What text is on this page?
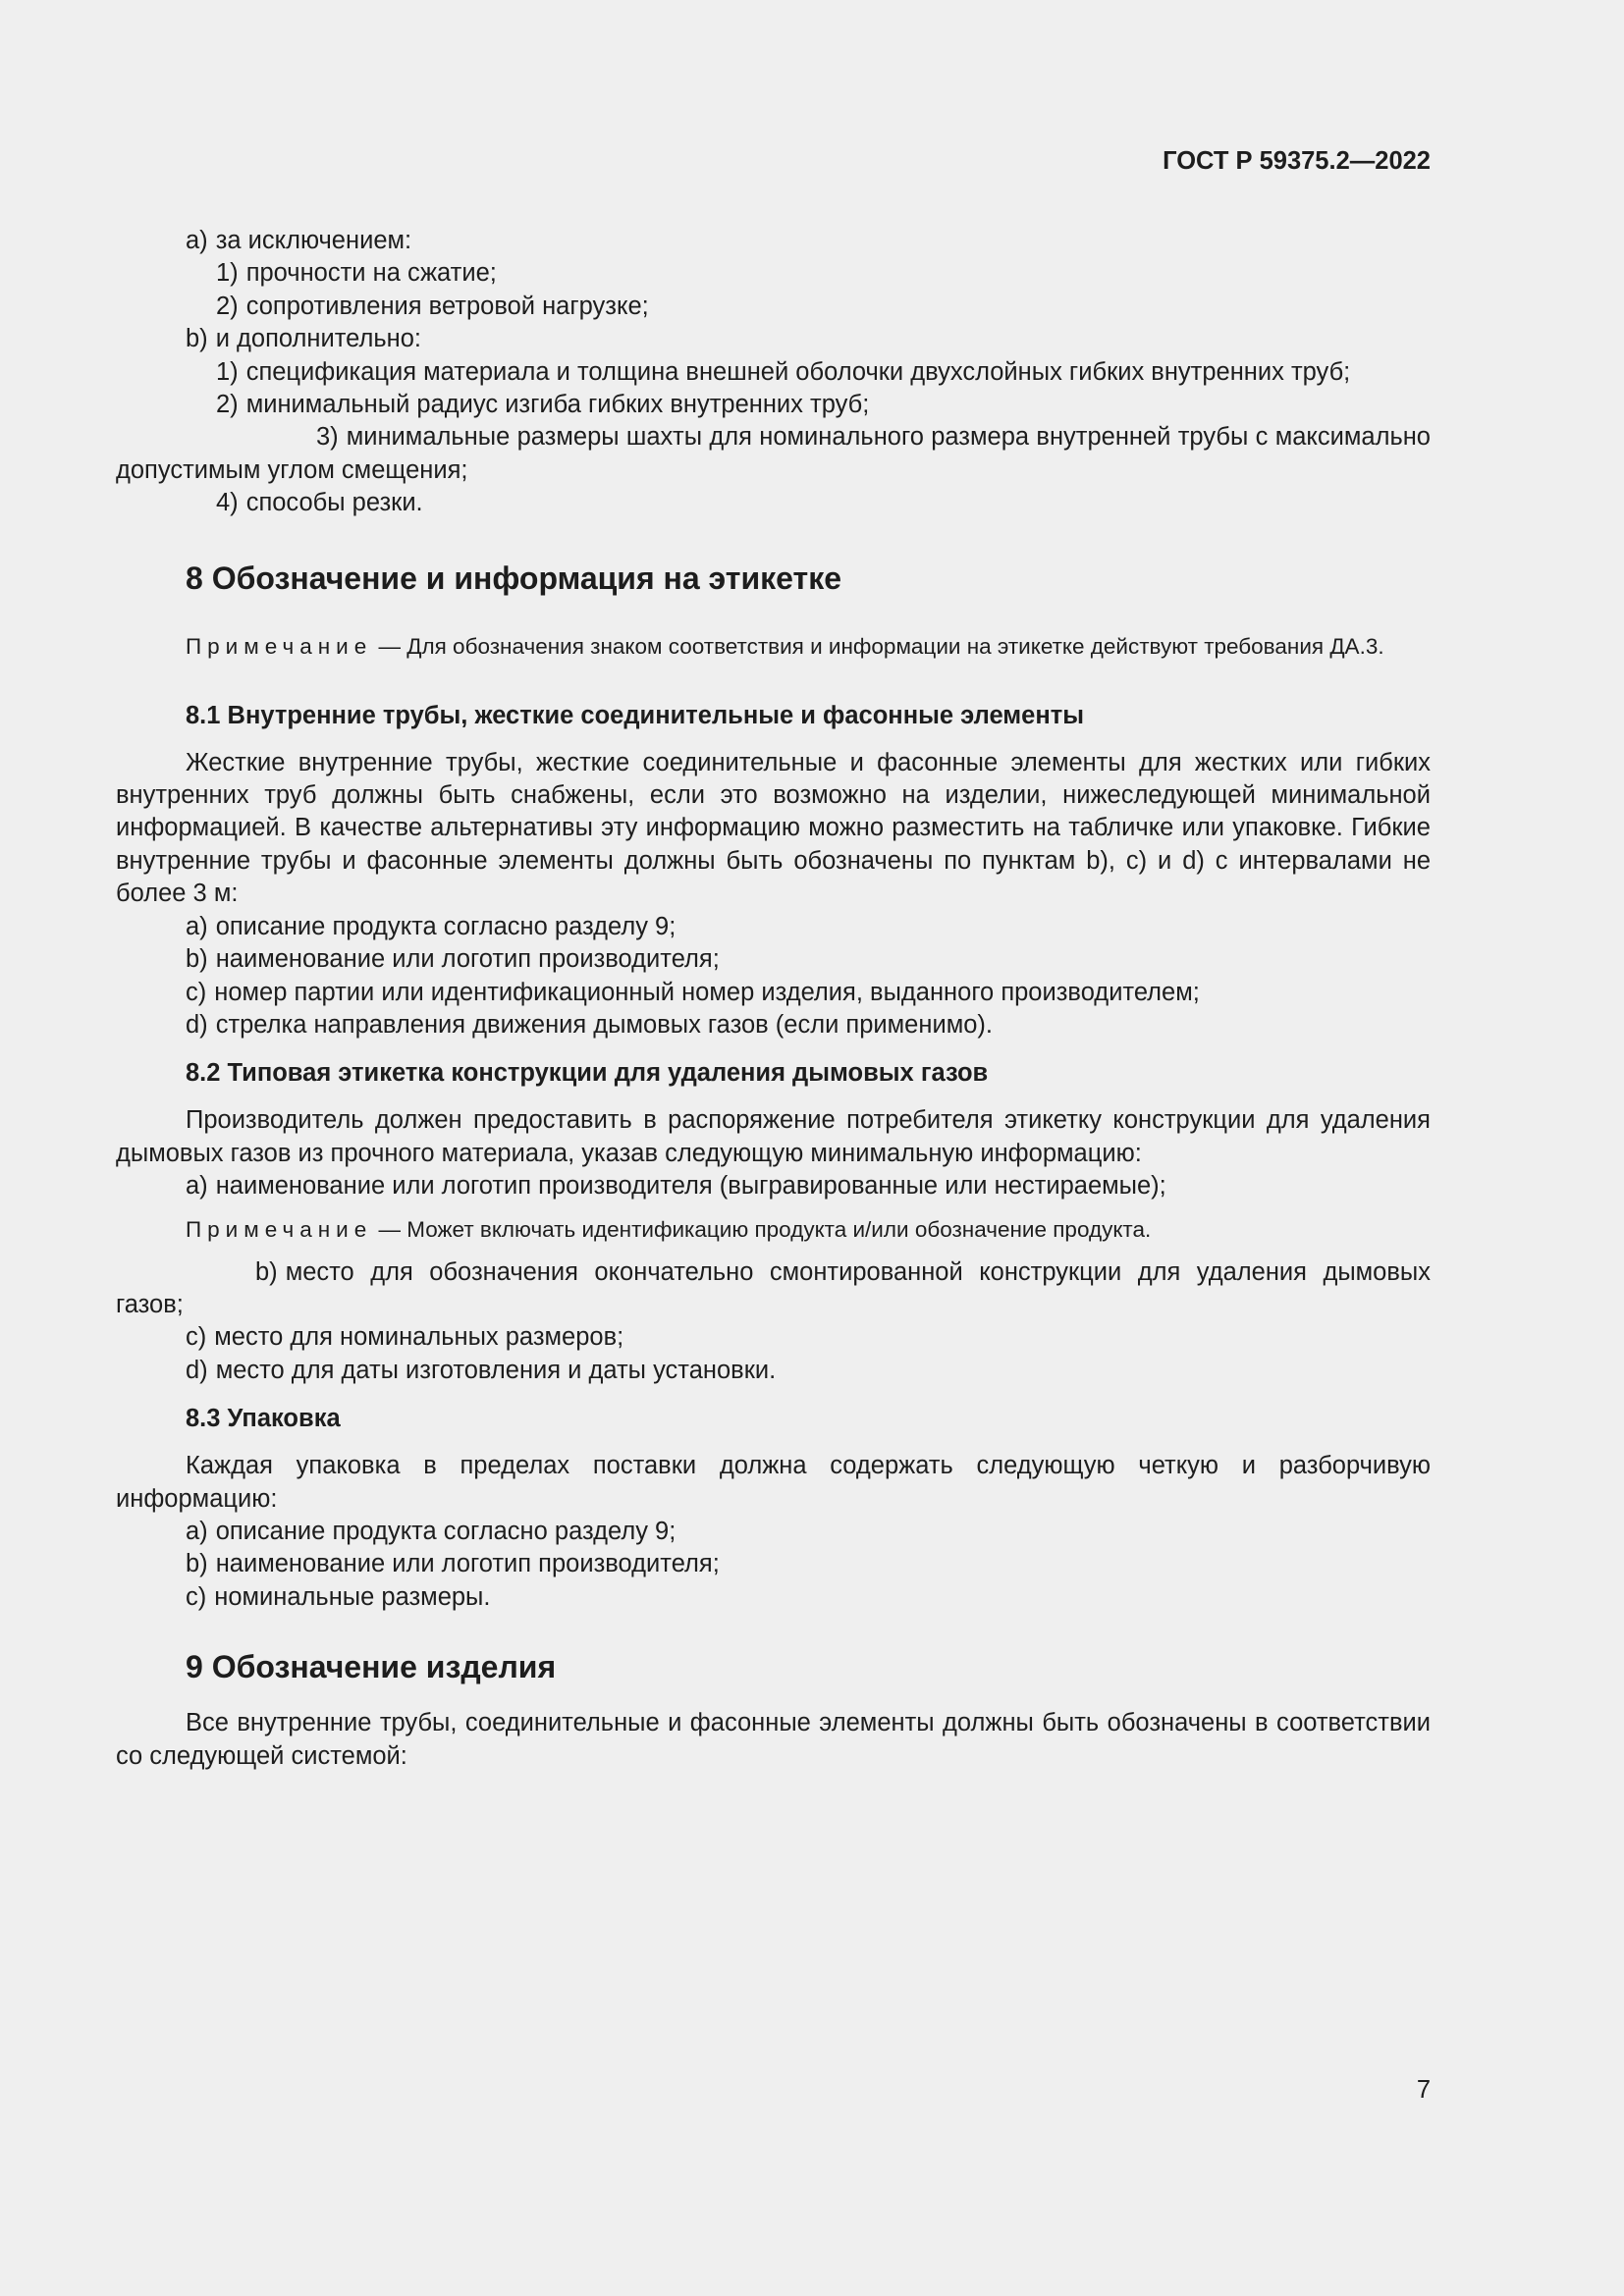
ГОСТ Р 59375.2—2022

a) за исключением:

1) прочности на сжатие;

2) сопротивления ветровой нагрузке;

b) и дополнительно:

1) спецификация материала и толщина внешней оболочки двухслойных гибких внутренних труб;

2) минимальный радиус изгиба гибких внутренних труб;

3) минимальные размеры шахты для номинального размера внутренней трубы с максимально допустимым углом смещения;

4) способы резки.

8 Обозначение и информация на этикетке

Примечание — Для обозначения знаком соответствия и информации на этикетке действуют требования ДА.3.

8.1 Внутренние трубы, жесткие соединительные и фасонные элементы

Жесткие внутренние трубы, жесткие соединительные и фасонные элементы для жестких или гибких внутренних труб должны быть снабжены, если это возможно на изделии, нижеследующей минимальной информацией. В качестве альтернативы эту информацию можно разместить на табличке или упаковке. Гибкие внутренние трубы и фасонные элементы должны быть обозначены по пунктам b), c) и d) с интервалами не более 3 м:

a) описание продукта согласно разделу 9;

b) наименование или логотип производителя;

c) номер партии или идентификационный номер изделия, выданного производителем;

d) стрелка направления движения дымовых газов (если применимо).

8.2 Типовая этикетка конструкции для удаления дымовых газов

Производитель должен предоставить в распоряжение потребителя этикетку конструкции для удаления дымовых газов из прочного материала, указав следующую минимальную информацию:

a) наименование или логотип производителя (выгравированные или нестираемые);

Примечание — Может включать идентификацию продукта и/или обозначение продукта.

b) место для обозначения окончательно смонтированной конструкции для удаления дымовых газов;

c) место для номинальных размеров;

d) место для даты изготовления и даты установки.

8.3 Упаковка

Каждая упаковка в пределах поставки должна содержать следующую четкую и разборчивую информацию:

a) описание продукта согласно разделу 9;

b) наименование или логотип производителя;

c) номинальные размеры.

9 Обозначение изделия

Все внутренние трубы, соединительные и фасонные элементы должны быть обозначены в соответствии со следующей системой:

7
